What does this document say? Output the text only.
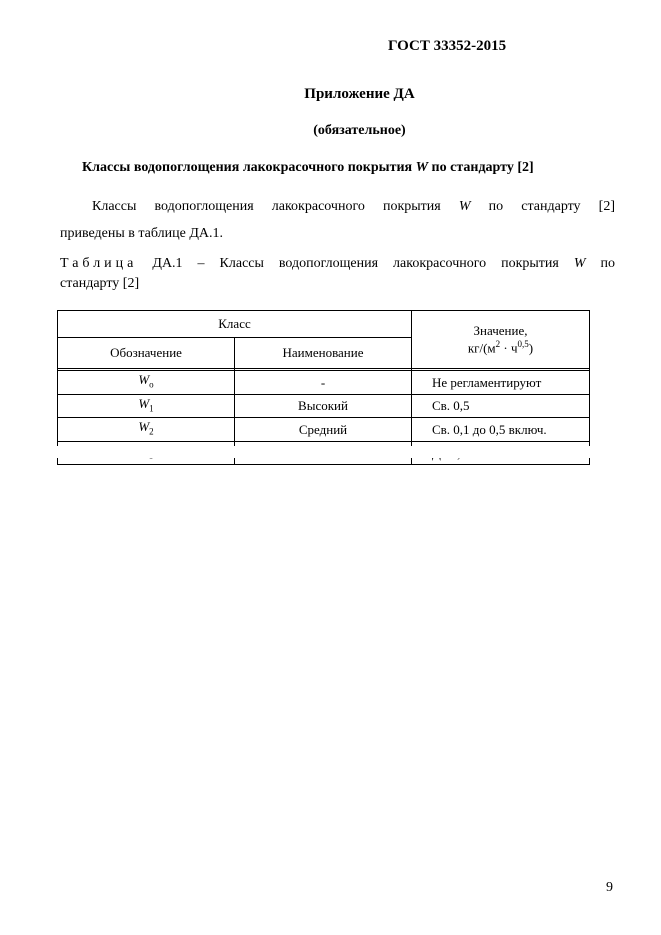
ГОСТ 33352-2015
Приложение ДА
(обязательное)
Классы водопоглощения лакокрасочного покрытия W по стандарту [2]
Классы водопоглощения лакокрасочного покрытия W по стандарту [2]
приведены в таблице ДА.1.
Таблица ДА.1 – Классы водопоглощения лакокрасочного покрытия W по
стандарту [2]
Класс		Значение,
$кг/(м^2 \cdot ч^{0,5})$

Обозначение	Наименование	

$W_o$	-	Не регламентируют
$W_1$	Высокий	Св. 0,5
$W_2$	Средний	Св. 0,1 до 0,5 включ.

9
